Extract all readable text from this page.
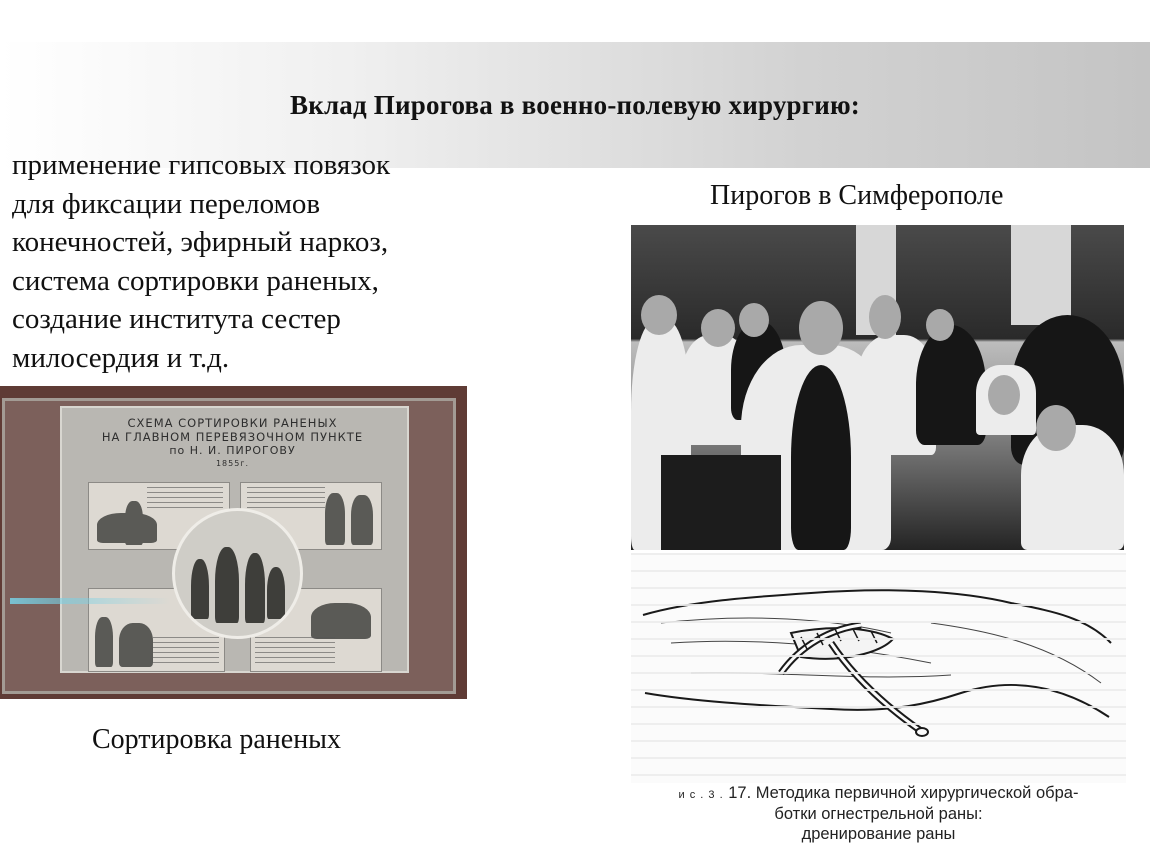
Вклад Пирогова в военно-полевую хирургию:
применение гипсовых повязок
для фиксации переломов
конечностей, эфирный наркоз,
система сортировки раненых,
создание института сестер
милосердия и т.д.
Пирогов в Симферополе
СХЕМА СОРТИРОВКИ РАНЕНЫХ
НА ГЛАВНОМ ПЕРЕВЯЗОЧНОМ ПУНКТЕ
по Н. И. ПИРОГОВУ
1855г.
Сортировка раненых
и с . 3 . 17. Методика первичной хирургической обра-
ботки огнестрельной раны:
дренирование раны
